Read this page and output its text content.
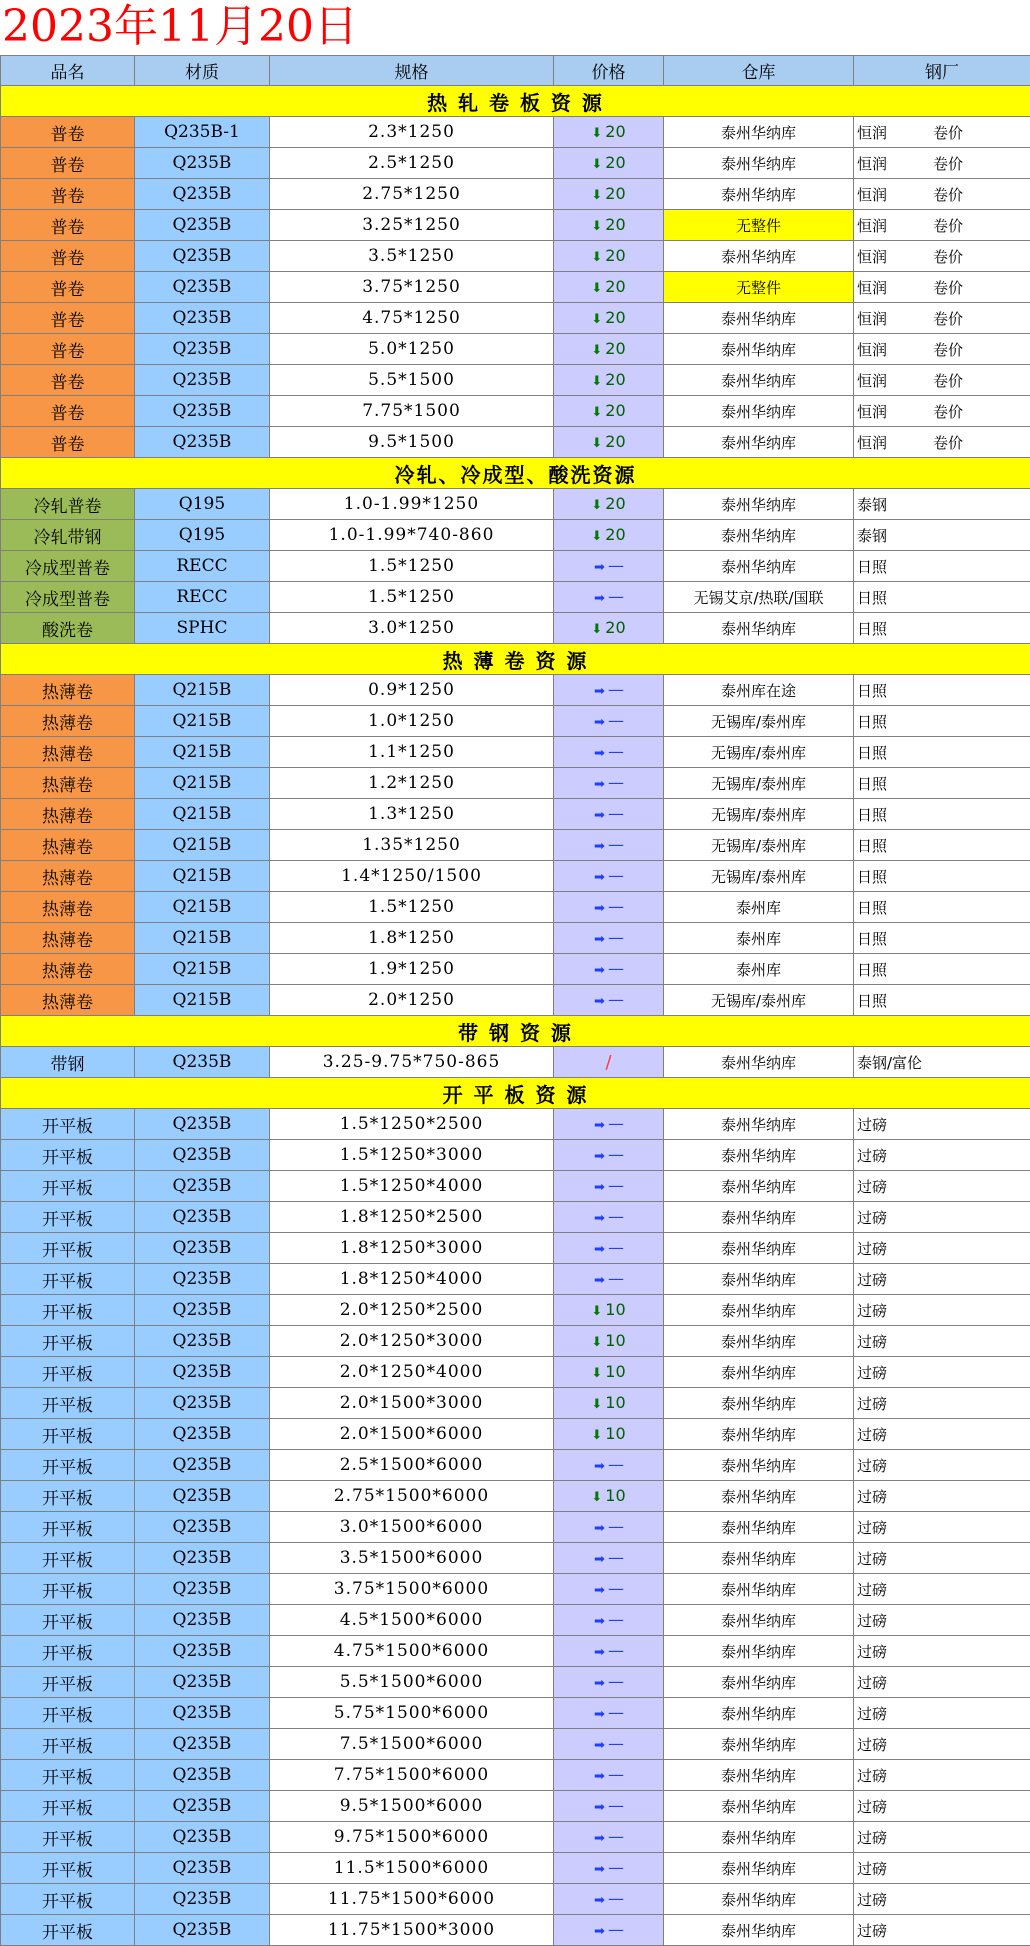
2023年11月20日
品名	材质	规格	价格	仓库	钢厂
热 轧 卷 板 资 源					
普卷	Q235B-1	2.3*1250	⬇ 20	泰州华纳库	恒润 卷价
普卷	Q235B	2.5*1250	⬇ 20	泰州华纳库	恒润 卷价
普卷	Q235B	2.75*1250	⬇ 20	泰州华纳库	恒润 卷价
普卷	Q235B	3.25*1250	⬇ 20	无整件	恒润 卷价
普卷	Q235B	3.5*1250	⬇ 20	泰州华纳库	恒润 卷价
普卷	Q235B	3.75*1250	⬇ 20	无整件	恒润 卷价
普卷	Q235B	4.75*1250	⬇ 20	泰州华纳库	恒润 卷价
普卷	Q235B	5.0*1250	⬇ 20	泰州华纳库	恒润 卷价
普卷	Q235B	5.5*1500	⬇ 20	泰州华纳库	恒润 卷价
普卷	Q235B	7.75*1500	⬇ 20	泰州华纳库	恒润 卷价
普卷	Q235B	9.5*1500	⬇ 20	泰州华纳库	恒润 卷价
冷轧、冷成型、酸洗资源					
冷轧普卷	Q195	1.0-1.99*1250	⬇ 20	泰州华纳库	泰钢
冷轧带钢	Q195	1.0-1.99*740-860	⬇ 20	泰州华纳库	泰钢
冷成型普卷	RECC	1.5*1250	➡ —	泰州华纳库	日照
冷成型普卷	RECC	1.5*1250	➡ —	无锡艾京/热联/国联	日照
酸洗卷	SPHC	3.0*1250	⬇ 20	泰州华纳库	日照
热 薄 卷 资 源					
热薄卷	Q215B	0.9*1250	➡ —	泰州库在途	日照
热薄卷	Q215B	1.0*1250	➡ —	无锡库/泰州库	日照
热薄卷	Q215B	1.1*1250	➡ —	无锡库/泰州库	日照
热薄卷	Q215B	1.2*1250	➡ —	无锡库/泰州库	日照
热薄卷	Q215B	1.3*1250	➡ —	无锡库/泰州库	日照
热薄卷	Q215B	1.35*1250	➡ —	无锡库/泰州库	日照
热薄卷	Q215B	1.4*1250/1500	➡ —	无锡库/泰州库	日照
热薄卷	Q215B	1.5*1250	➡ —	泰州库	日照
热薄卷	Q215B	1.8*1250	➡ —	泰州库	日照
热薄卷	Q215B	1.9*1250	➡ —	泰州库	日照
热薄卷	Q215B	2.0*1250	➡ —	无锡库/泰州库	日照
带 钢 资 源					
带钢	Q235B	3.25-9.75*750-865	/	泰州华纳库	泰钢/富伦
开 平 板 资 源					
开平板	Q235B	1.5*1250*2500	➡ —	泰州华纳库	过磅
开平板	Q235B	1.5*1250*3000	➡ —	泰州华纳库	过磅
开平板	Q235B	1.5*1250*4000	➡ —	泰州华纳库	过磅
开平板	Q235B	1.8*1250*2500	➡ —	泰州华纳库	过磅
开平板	Q235B	1.8*1250*3000	➡ —	泰州华纳库	过磅
开平板	Q235B	1.8*1250*4000	➡ —	泰州华纳库	过磅
开平板	Q235B	2.0*1250*2500	⬇ 10	泰州华纳库	过磅
开平板	Q235B	2.0*1250*3000	⬇ 10	泰州华纳库	过磅
开平板	Q235B	2.0*1250*4000	⬇ 10	泰州华纳库	过磅
开平板	Q235B	2.0*1500*3000	⬇ 10	泰州华纳库	过磅
开平板	Q235B	2.0*1500*6000	⬇ 10	泰州华纳库	过磅
开平板	Q235B	2.5*1500*6000	➡ —	泰州华纳库	过磅
开平板	Q235B	2.75*1500*6000	⬇ 10	泰州华纳库	过磅
开平板	Q235B	3.0*1500*6000	➡ —	泰州华纳库	过磅
开平板	Q235B	3.5*1500*6000	➡ —	泰州华纳库	过磅
开平板	Q235B	3.75*1500*6000	➡ —	泰州华纳库	过磅
开平板	Q235B	4.5*1500*6000	➡ —	泰州华纳库	过磅
开平板	Q235B	4.75*1500*6000	➡ —	泰州华纳库	过磅
开平板	Q235B	5.5*1500*6000	➡ —	泰州华纳库	过磅
开平板	Q235B	5.75*1500*6000	➡ —	泰州华纳库	过磅
开平板	Q235B	7.5*1500*6000	➡ —	泰州华纳库	过磅
开平板	Q235B	7.75*1500*6000	➡ —	泰州华纳库	过磅
开平板	Q235B	9.5*1500*6000	➡ —	泰州华纳库	过磅
开平板	Q235B	9.75*1500*6000	➡ —	泰州华纳库	过磅
开平板	Q235B	11.5*1500*6000	➡ —	泰州华纳库	过磅
开平板	Q235B	11.75*1500*6000	➡ —	泰州华纳库	过磅
开平板	Q235B	11.75*1500*3000	➡ —	泰州华纳库	过磅
